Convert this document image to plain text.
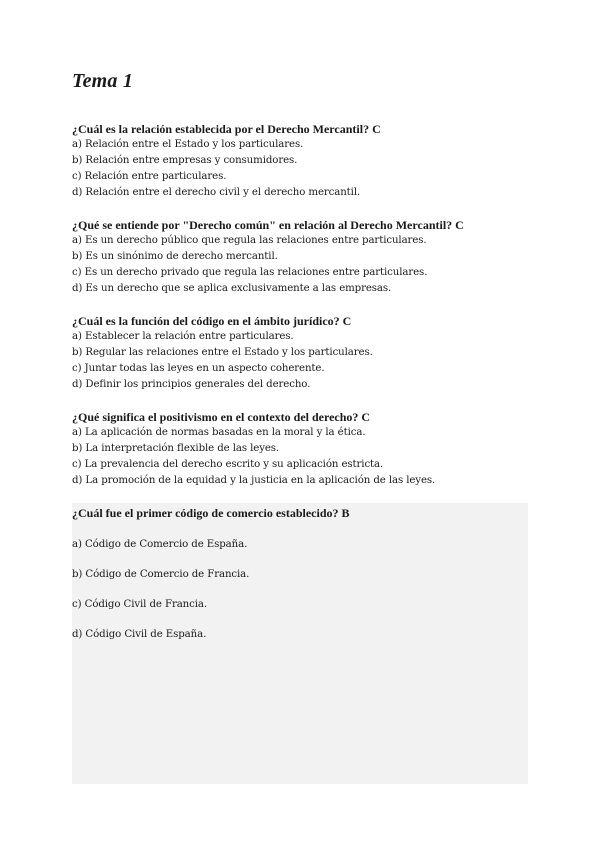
Tema 1
¿Cuál es la relación establecida por el Derecho Mercantil? C
a) Relación entre el Estado y los particulares.
b) Relación entre empresas y consumidores.
c) Relación entre particulares.
d) Relación entre el derecho civil y el derecho mercantil.
¿Qué se entiende por "Derecho común" en relación al Derecho Mercantil? C
a) Es un derecho público que regula las relaciones entre particulares.
b) Es un sinónimo de derecho mercantil.
c) Es un derecho privado que regula las relaciones entre particulares.
d) Es un derecho que se aplica exclusivamente a las empresas.
¿Cuál es la función del código en el ámbito jurídico? C
a) Establecer la relación entre particulares.
b) Regular las relaciones entre el Estado y los particulares.
c) Juntar todas las leyes en un aspecto coherente.
d) Definir los principios generales del derecho.
¿Qué significa el positivismo en el contexto del derecho? C
a) La aplicación de normas basadas en la moral y la ética.
b) La interpretación flexible de las leyes.
c) La prevalencia del derecho escrito y su aplicación estricta.
d) La promoción de la equidad y la justicia en la aplicación de las leyes.
¿Cuál fue el primer código de comercio establecido? B
a) Código de Comercio de España.
b) Código de Comercio de Francia.
c) Código Civil de Francia.
d) Código Civil de España.
